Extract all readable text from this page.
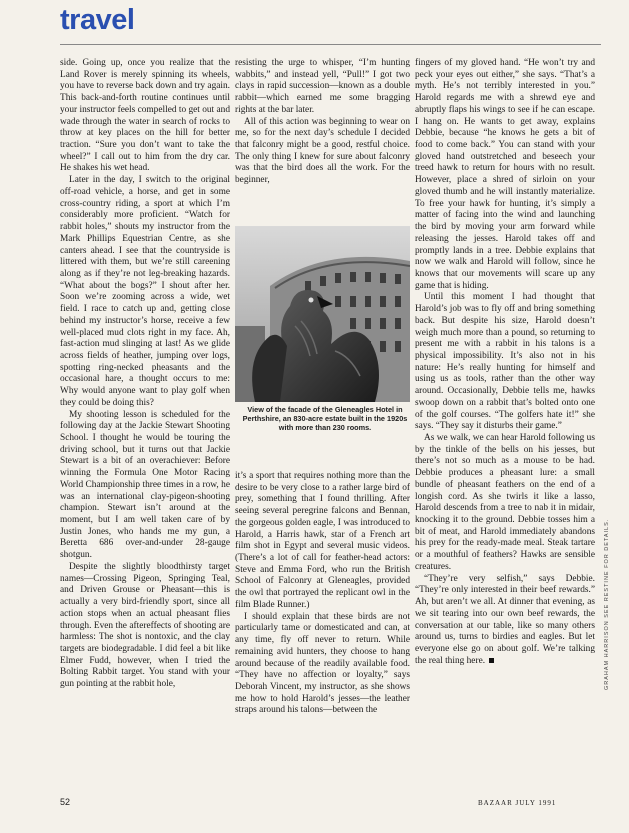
travel

side. Going up, once you realize that the Land Rover is merely spinning its wheels, you have to reverse back down and try again. This back-and-forth routine continues until your instructor feels compelled to get out and wade through the water in search of rocks to throw at key places on the hill for better traction. “Sure you don’t want to take the wheel?” I call out to him from the dry car. He shakes his wet head.

Later in the day, I switch to the original off-road vehicle, a horse, and get in some cross-country riding, a sport at which I’m considerably more proficient. “Watch for rabbit holes,” shouts my instructor from the Mark Phillips Equestrian Centre, as she canters ahead. I see that the countryside is littered with them, but we’re still careening along as if they’re not leg-breaking hazards. “What about the bogs?” I shout after her. Soon we’re zooming across a wide, wet field. I race to catch up and, getting close behind my instructor’s horse, receive a few well-placed mud clots right in my face. Ah, fast-action mud slinging at last! As we glide across fields of heather, jumping over logs, spotting ring-necked pheasants and the occasional hare, a thought occurs to me: Why would anyone want to play golf when they could be doing this?

My shooting lesson is scheduled for the following day at the Jackie Stewart Shooting School. I thought he would be touring the driving school, but it turns out that Jackie Stewart is a bit of an overachiever: Before winning the Formula One Motor Racing World Championship three times in a row, he was an international clay-pigeon-shooting champion. Stewart isn’t around at the moment, but I am well taken care of by Justin Jones, who hands me my gun, a Beretta 686 over-and-under 28-gauge shotgun.

Despite the slightly bloodthirsty target names—Crossing Pigeon, Springing Teal, and Driven Grouse or Pheasant—this is actually a very bird-friendly sport, since all action stops when an actual pheasant flies through. Even the aftereffects of shooting are harmless: The shot is nontoxic, and the clay targets are biodegradable. I did feel a bit like Elmer Fudd, however, when I tried the Bolting Rabbit target. You stand with your gun pointing at the rabbit hole,

resisting the urge to whisper, “I’m hunting wabbits,” and instead yell, “Pull!” I got two clays in rapid succession—known as a double rabbit—which earned me some bragging rights at the bar later.

All of this action was beginning to wear on me, so for the next day’s schedule I decided that falconry might be a good, restful choice. The only thing I knew for sure about falconry was that the bird does all the work. For the beginner,

View of the facade of the Gleneagles Hotel in Perthshire, an 830-acre estate built in the 1920s with more than 230 rooms.

it’s a sport that requires nothing more than the desire to be very close to a rather large bird of prey, something that I found thrilling. After seeing several peregrine falcons and Bennan, the gorgeous golden eagle, I was introduced to Harold, a Harris hawk, star of a French art film shot in Egypt and several music videos. (There’s a lot of call for feather-head actors: Steve and Emma Ford, who run the British School of Falconry at Gleneagles, provided the owl that portrayed the replicant owl in the film Blade Runner.)

I should explain that these birds are not particularly tame or domesticated and can, at any time, fly off never to return. While remaining avid hunters, they choose to hang around because of the readily available food. “They have no affection or loyalty,” says Deborah Vincent, my instructor, as she shows me how to hold Harold’s jesses—the leather straps around his talons—between the

fingers of my gloved hand. “He won’t try and peck your eyes out either,” she says. “That’s a myth. He’s not terribly interested in you.” Harold regards me with a shrewd eye and abruptly flaps his wings to see if he can escape. I hang on. He wants to get away, explains Debbie, because “he knows he gets a bit of food to come back.” You can stand with your gloved hand outstretched and beseech your treed hawk to return for hours with no result. However, place a shred of sirloin on your gloved thumb and he will instantly materialize. To free your hawk for hunting, it’s simply a matter of facing into the wind and launching the bird by moving your arm forward while releasing the jesses. Harold takes off and promptly lands in a tree. Debbie explains that now we walk and Harold will follow, since he knows that our movements will scare up any game that is hiding.

Until this moment I had thought that Harold’s job was to fly off and bring something back. But despite his size, Harold doesn’t weigh much more than a pound, so returning to present me with a rabbit in his talons is a physical impossibility. It’s also not in his nature: He’s really hunting for himself and using us as tools, rather than the other way around. Occasionally, Debbie tells me, hawks swoop down on a rabbit that’s bolted onto one of the golf courses. “The golfers hate it!” she says. “They say it disturbs their game.”

As we walk, we can hear Harold following us by the tinkle of the bells on his jesses, but there’s not so much as a mouse to be had. Debbie produces a pheasant lure: a small bundle of pheasant feathers on the end of a longish cord. As she twirls it like a lasso, Harold descends from a tree to nab it in midair, knocking it to the ground. Debbie tosses him a bit of meat, and Harold immediately abandons his prey for the ready-made meal. Steak tartare or a mouthful of feathers? Hawks are sensible creatures.

“They’re very selfish,” says Debbie. “They’re only interested in their beef rewards.” Ah, but aren’t we all. At dinner that evening, as we sit tearing into our own beef rewards, the conversation at our table, like so many others around us, turns to birdies and eagles. But let everyone else go on about golf. We’re talking the real thing here.

52	BAZAAR JULY 1991
GRAHAM HARRISON SEE RESTINE FOR DETAILS.
